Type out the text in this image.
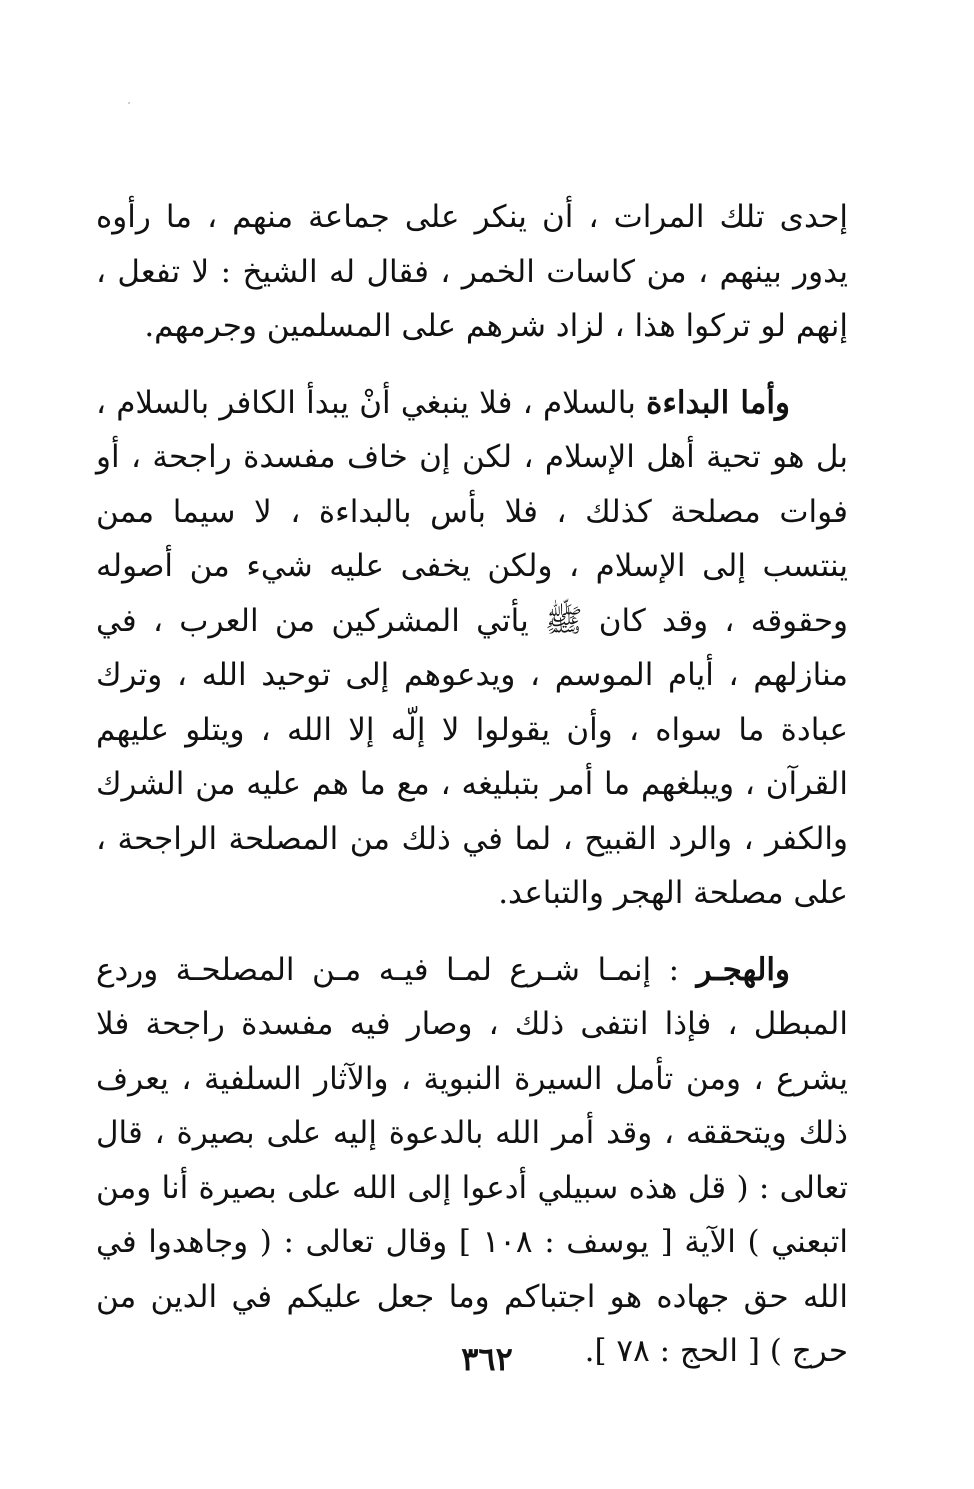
إحدى تلك المرات ، أن ينكر على جماعة منهم ، ما رأوه يدور بينهم ، من كاسات الخمر ، فقال له الشيخ : لا تفعل ، إنهم لو تركوا هذا ، لزاد شرهم على المسلمين وجرمهم.

وأما البداءة بالسلام ، فلا ينبغي أنْ يبدأ الكافر بالسلام ، بل هو تحية أهل الإسلام ، لكن إن خاف مفسدة راجحة ، أو فوات مصلحة كذلك ، فلا بأس بالبداءة ، لا سيما ممن ينتسب إلى الإسلام ، ولكن يخفى عليه شيء من أصوله وحقوقه ، وقد كان ﷺ يأتي المشركين من العرب ، في منازلهم ، أيام الموسم ، ويدعوهم إلى توحيد الله ، وترك عبادة ما سواه ، وأن يقولوا لا إلّه إلا الله ، ويتلو عليهم القرآن ، ويبلغهم ما أمر بتبليغه ، مع ما هم عليه من الشرك والكفر ، والرد القبيح ، لما في ذلك من المصلحة الراجحة ، على مصلحة الهجر والتباعد.

والهجـر : إنمـا شـرع لمـا فيـه مـن المصلحـة وردع المبطل ، فإذا انتفى ذلك ، وصار فيه مفسدة راجحة فلا يشرع ، ومن تأمل السيرة النبوية ، والآثار السلفية ، يعرف ذلك ويتحققه ، وقد أمر الله بالدعوة إليه على بصيرة ، قال تعالى : ( قل هذه سبيلي أدعوا إلى الله على بصيرة أنا ومن اتبعني ) الآية [ يوسف : ١٠٨ ] وقال تعالى : ( وجاهدوا في الله حق جهاده هو اجتباكم وما جعل عليكم في الدين من حرج ) [ الحج : ٧٨ ].

٣٦٢
